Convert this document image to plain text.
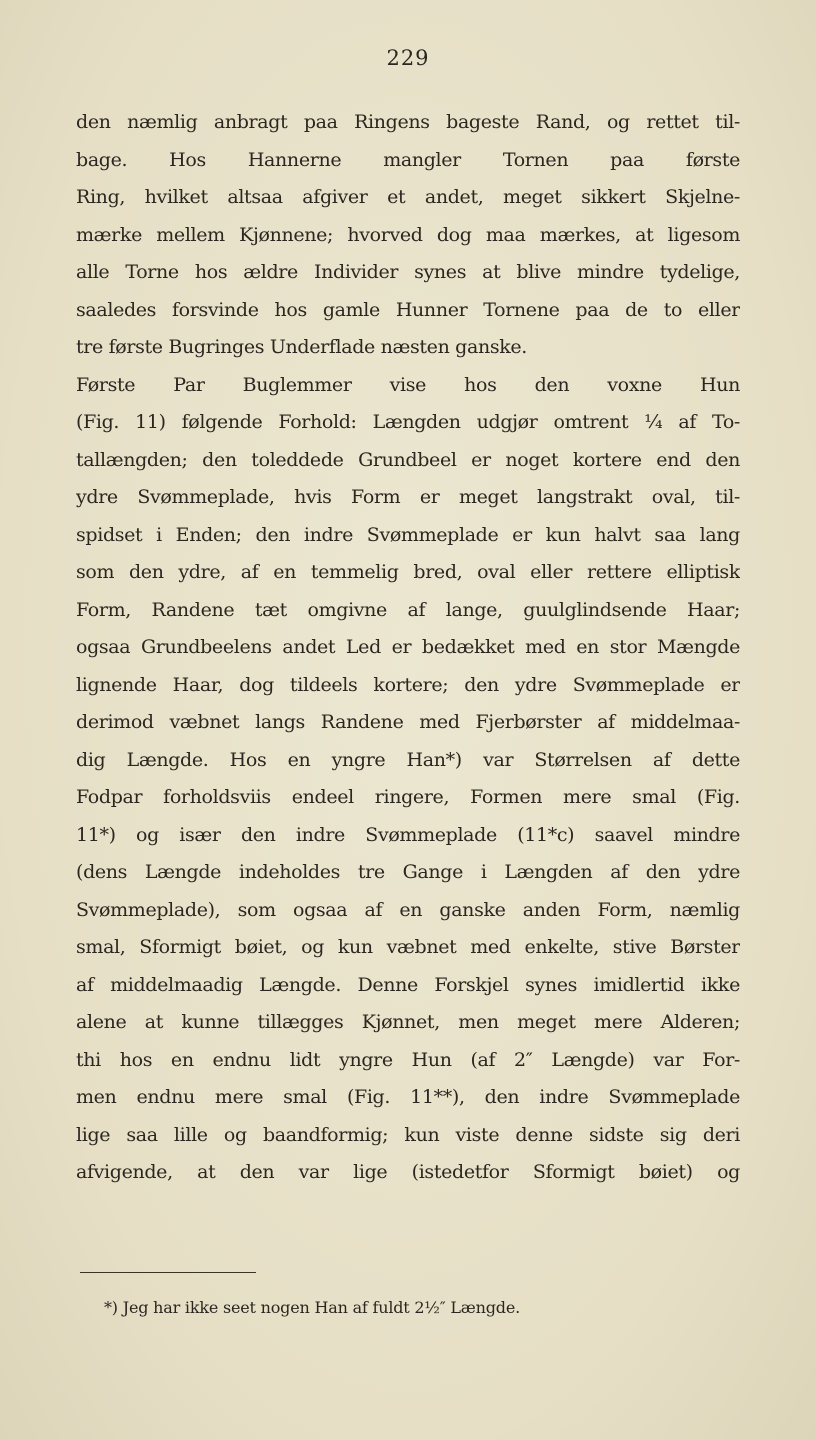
229
den næmlig anbragt paa Ringens bageste Rand, og rettet til-
bage. Hos Hannerne mangler Tornen paa første
Ring, hvilket altsaa afgiver et andet, meget sikkert Skjelne-
mærke mellem Kjønnene; hvorved dog maa mærkes, at ligesom
alle Torne hos ældre Individer synes at blive mindre tydelige,
saaledes forsvinde hos gamle Hunner Tornene paa de to eller
tre første Bugringes Underflade næsten ganske.
Første Par Buglemmer vise hos den voxne Hun
(Fig. 11) følgende Forhold: Længden udgjør omtrent ¼ af To-
tallængden; den toleddede Grundbeel er noget kortere end den
ydre Svømmeplade, hvis Form er meget langstrakt oval, til-
spidset i Enden; den indre Svømmeplade er kun halvt saa lang
som den ydre, af en temmelig bred, oval eller rettere elliptisk
Form, Randene tæt omgivne af lange, guulglindsende Haar;
ogsaa Grundbeelens andet Led er bedækket med en stor Mængde
lignende Haar, dog tildeels kortere; den ydre Svømmeplade er
derimod væbnet langs Randene med Fjerbørster af middelmaa-
dig Længde. Hos en yngre Han*) var Størrelsen af dette
Fodpar forholdsviis endeel ringere, Formen mere smal (Fig.
11*) og især den indre Svømmeplade (11*c) saavel mindre
(dens Længde indeholdes tre Gange i Længden af den ydre
Svømmeplade), som ogsaa af en ganske anden Form, næmlig
smal, Sformigt bøiet, og kun væbnet med enkelte, stive Børster
af middelmaadig Længde. Denne Forskjel synes imidlertid ikke
alene at kunne tillægges Kjønnet, men meget mere Alderen;
thi hos en endnu lidt yngre Hun (af 2″ Længde) var For-
men endnu mere smal (Fig. 11**), den indre Svømmeplade
lige saa lille og baandformig; kun viste denne sidste sig deri
afvigende, at den var lige (istedetfor Sformigt bøiet) og
*) Jeg har ikke seet nogen Han af fuldt 2½″ Længde.
